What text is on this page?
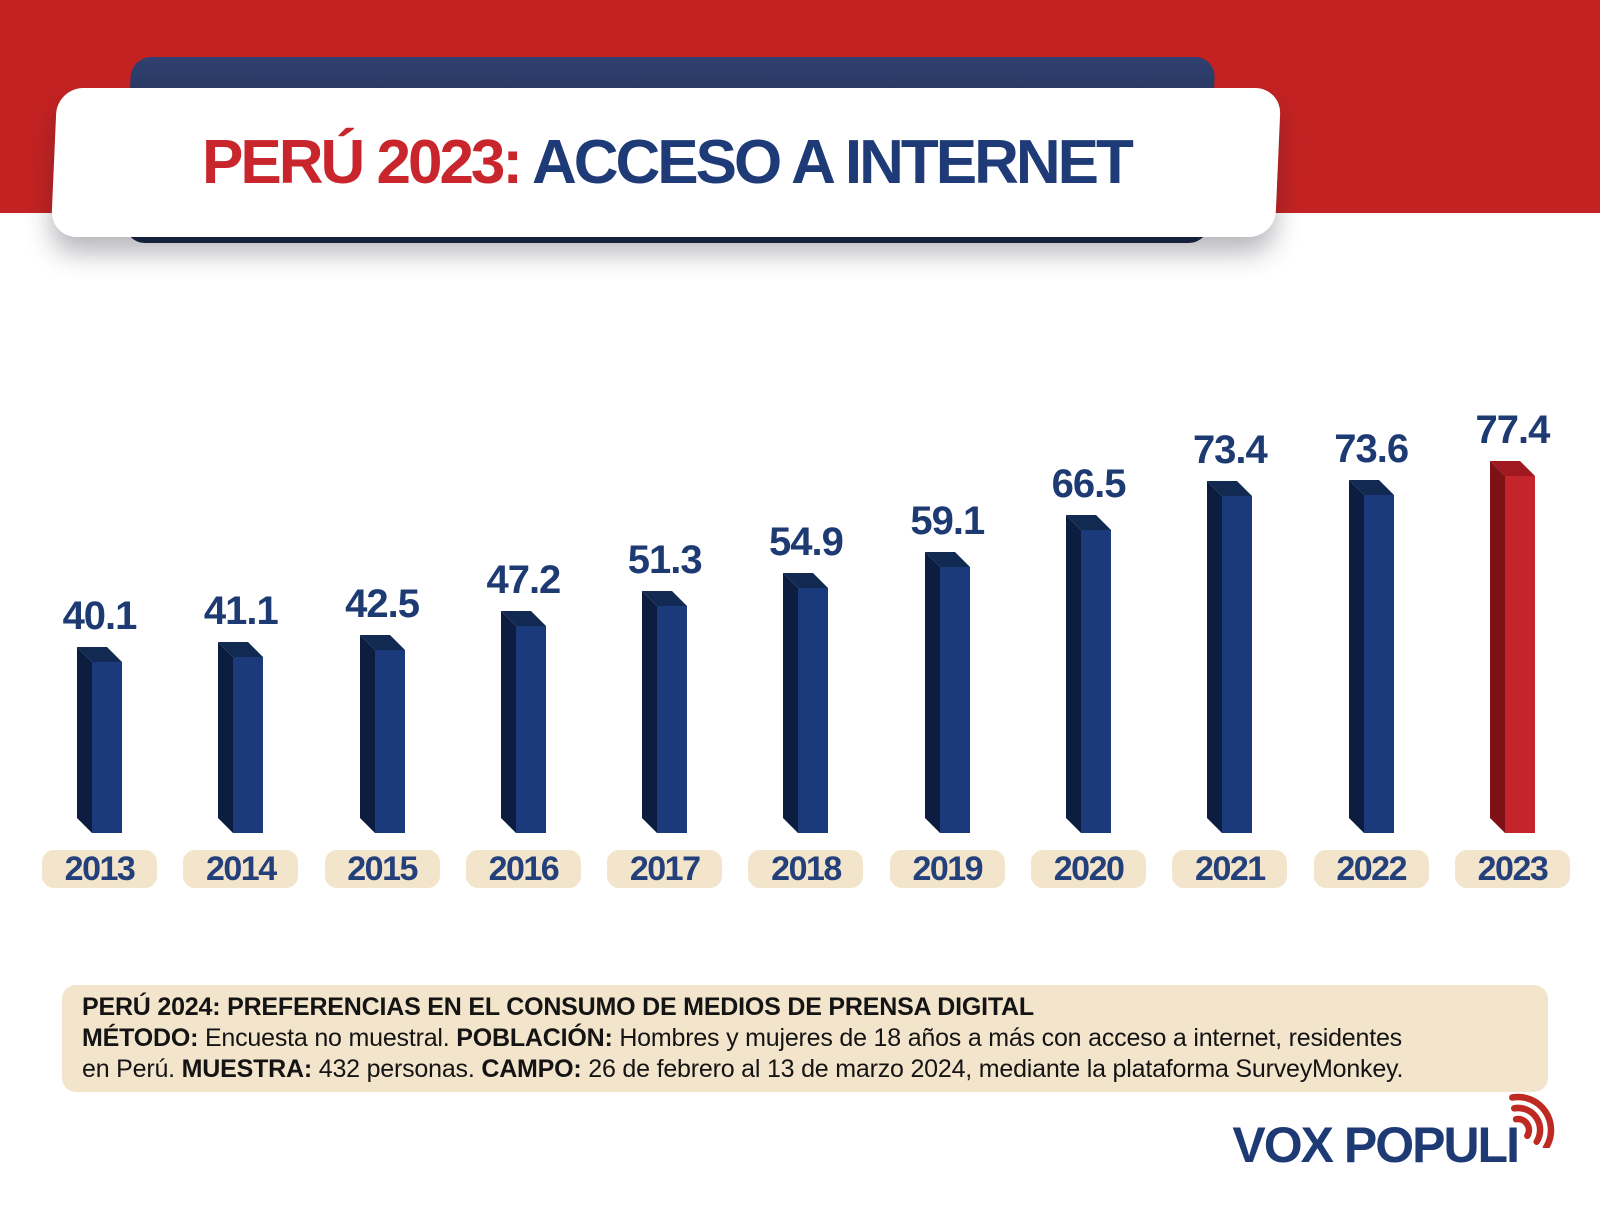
PERÚ 2023: ACCESO A INTERNET
40.1
2013
41.1
2014
42.5
2015
47.2
2016
51.3
2017
54.9
2018
59.1
2019
66.5
2020
73.4
2021
73.6
2022
77.4
2023

PERÚ 2024: PREFERENCIAS EN EL CONSUMO DE MEDIOS DE PRENSA DIGITAL

MÉTODO: Encuesta no muestral. POBLACIÓN: Hombres y mujeres de 18 años a más con acceso a internet, residentes

en Perú. MUESTRA: 432 personas. CAMPO: 26 de febrero al 13 de marzo 2024, mediante la plataforma SurveyMonkey.

VOX POPULI
